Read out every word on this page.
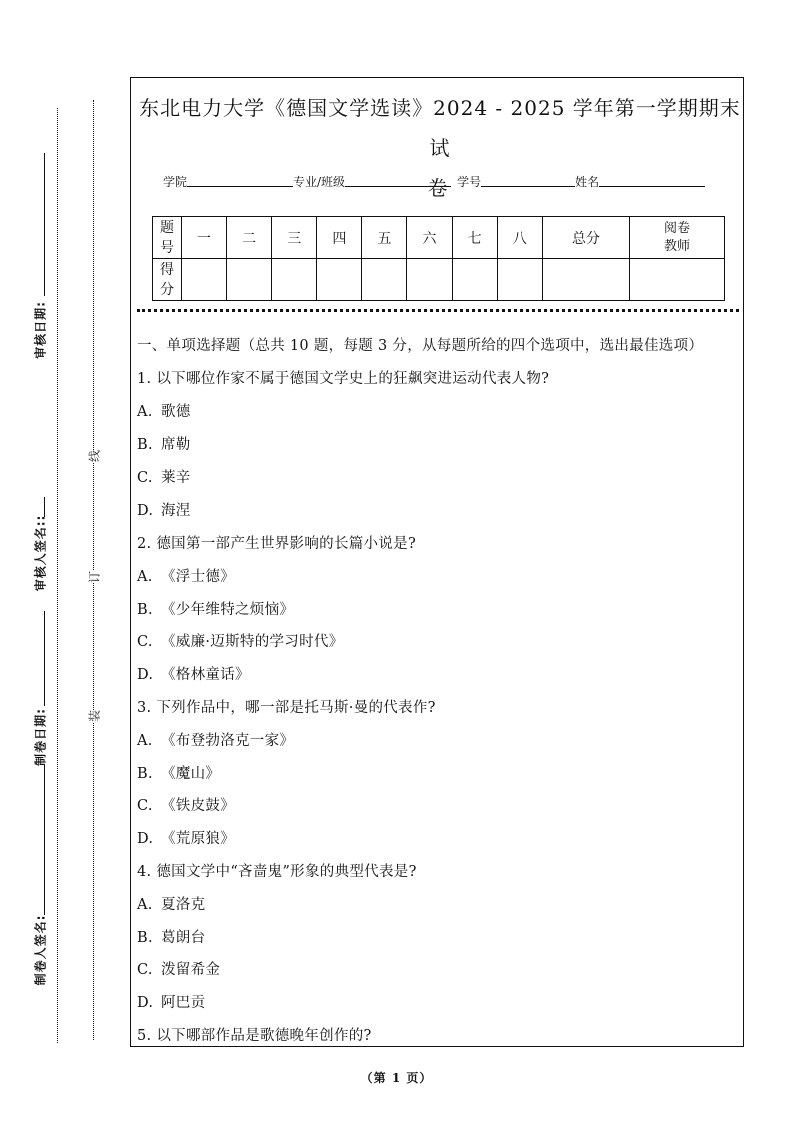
审核日期:
审核人签名::
制卷日期:
制卷人签名:
线
订
装
东北电力大学《德国文学选读》2024 - 2025 学年第一学期期末试
卷
学院	专业/班级	学号	姓名
题
号	一	二	三	四	五	六	七	八	总分	阅卷
教师
得
分										
一、单项选择题（总共 10 题，每题 3 分，从每题所给的四个选项中，选出最佳选项）
1. 以下哪位作家不属于德国文学史上的狂飙突进运动代表人物?
A. 歌德
B. 席勒
C. 莱辛
D. 海涅
2. 德国第一部产生世界影响的长篇小说是?
A. 《浮士德》
B. 《少年维特之烦恼》
C. 《威廉·迈斯特的学习时代》
D. 《格林童话》
3. 下列作品中，哪一部是托马斯·曼的代表作?
A. 《布登勃洛克一家》
B. 《魔山》
C. 《铁皮鼓》
D. 《荒原狼》
4. 德国文学中“吝啬鬼”形象的典型代表是?
A. 夏洛克
B. 葛朗台
C. 泼留希金
D. 阿巴贡
5. 以下哪部作品是歌德晚年创作的?
（第 1 页）
